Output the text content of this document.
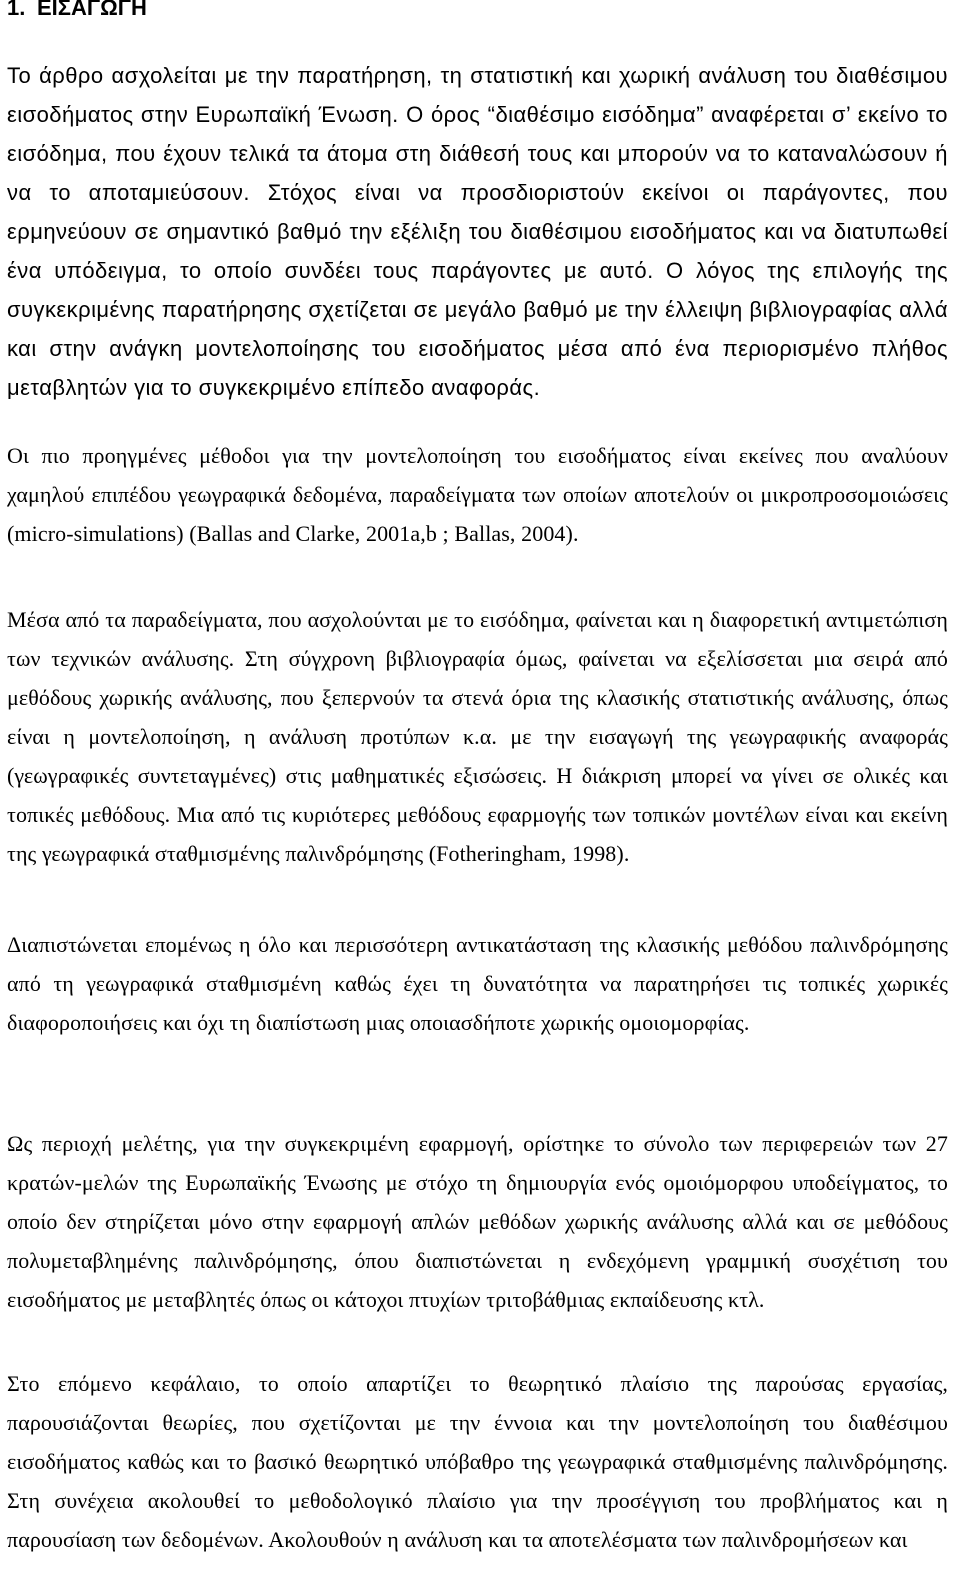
1. ΕΙΣΑΓΩΓΗ

Το άρθρο ασχολείται με την παρατήρηση, τη στατιστική και χωρική ανάλυση του διαθέσιμου εισοδήματος στην Ευρωπαϊκή Ένωση. Ο όρος “διαθέσιμο εισόδημα” αναφέρεται σ’ εκείνο το εισόδημα, που έχουν τελικά τα άτομα στη διάθεσή τους και μπορούν να το καταναλώσουν ή να το αποταμιεύσουν. Στόχος είναι να προσδιοριστούν εκείνοι οι παράγοντες, που ερμηνεύουν σε σημαντικό βαθμό την εξέλιξη του διαθέσιμου εισοδήματος και να διατυπωθεί ένα υπόδειγμα, το οποίο συνδέει τους παράγοντες με αυτό. Ο λόγος της επιλογής της συγκεκριμένης παρατήρησης σχετίζεται σε μεγάλο βαθμό με την έλλειψη βιβλιογραφίας αλλά και στην ανάγκη μοντελοποίησης του εισοδήματος μέσα από ένα περιορισμένο πλήθος μεταβλητών για το συγκεκριμένο επίπεδο αναφοράς.

Οι πιο προηγμένες μέθοδοι για την μοντελοποίηση του εισοδήματος είναι εκείνες που αναλύουν χαμηλού επιπέδου γεωγραφικά δεδομένα, παραδείγματα των οποίων αποτελούν οι μικροπροσομοιώσεις (micro-simulations) (Ballas and Clarke, 2001a,b ; Ballas, 2004).

Μέσα από τα παραδείγματα, που ασχολούνται με το εισόδημα, φαίνεται και η διαφορετική αντιμετώπιση των τεχνικών ανάλυσης. Στη σύγχρονη βιβλιογραφία όμως, φαίνεται να εξελίσσεται μια σειρά από μεθόδους χωρικής ανάλυσης, που ξεπερνούν τα στενά όρια της κλασικής στατιστικής ανάλυσης, όπως είναι η μοντελοποίηση, η ανάλυση προτύπων κ.α. με την εισαγωγή της γεωγραφικής αναφοράς (γεωγραφικές συντεταγμένες) στις μαθηματικές εξισώσεις. Η διάκριση μπορεί να γίνει σε ολικές και τοπικές μεθόδους. Μια από τις κυριότερες μεθόδους εφαρμογής των τοπικών μοντέλων είναι και εκείνη της γεωγραφικά σταθμισμένης παλινδρόμησης (Fotheringham, 1998).

Διαπιστώνεται επομένως η όλο και περισσότερη αντικατάσταση της κλασικής μεθόδου παλινδρόμησης από τη γεωγραφικά σταθμισμένη καθώς έχει τη δυνατότητα να παρατηρήσει τις τοπικές χωρικές διαφοροποιήσεις και όχι τη διαπίστωση μιας οποιασδήποτε χωρικής ομοιομορφίας.

Ως περιοχή μελέτης, για την συγκεκριμένη εφαρμογή, ορίστηκε το σύνολο των περιφερειών των 27 κρατών-μελών της Ευρωπαϊκής Ένωσης με στόχο τη δημιουργία ενός ομοιόμορφου υποδείγματος, το οποίο δεν στηρίζεται μόνο στην εφαρμογή απλών μεθόδων χωρικής ανάλυσης αλλά και σε μεθόδους πολυμεταβλημένης παλινδρόμησης, όπου διαπιστώνεται η ενδεχόμενη γραμμική συσχέτιση του εισοδήματος με μεταβλητές όπως οι κάτοχοι πτυχίων τριτοβάθμιας εκπαίδευσης κτλ.

Στο επόμενο κεφάλαιο, το οποίο απαρτίζει το θεωρητικό πλαίσιο της παρούσας εργασίας, παρουσιάζονται θεωρίες, που σχετίζονται με την έννοια και την μοντελοποίηση του διαθέσιμου εισοδήματος καθώς και το βασικό θεωρητικό υπόβαθρο της γεωγραφικά σταθμισμένης παλινδρόμησης. Στη συνέχεια ακολουθεί το μεθοδολογικό πλαίσιο για την προσέγγιση του προβλήματος και η παρουσίαση των δεδομένων. Ακολουθούν η ανάλυση και τα αποτελέσματα των παλινδρομήσεων και
